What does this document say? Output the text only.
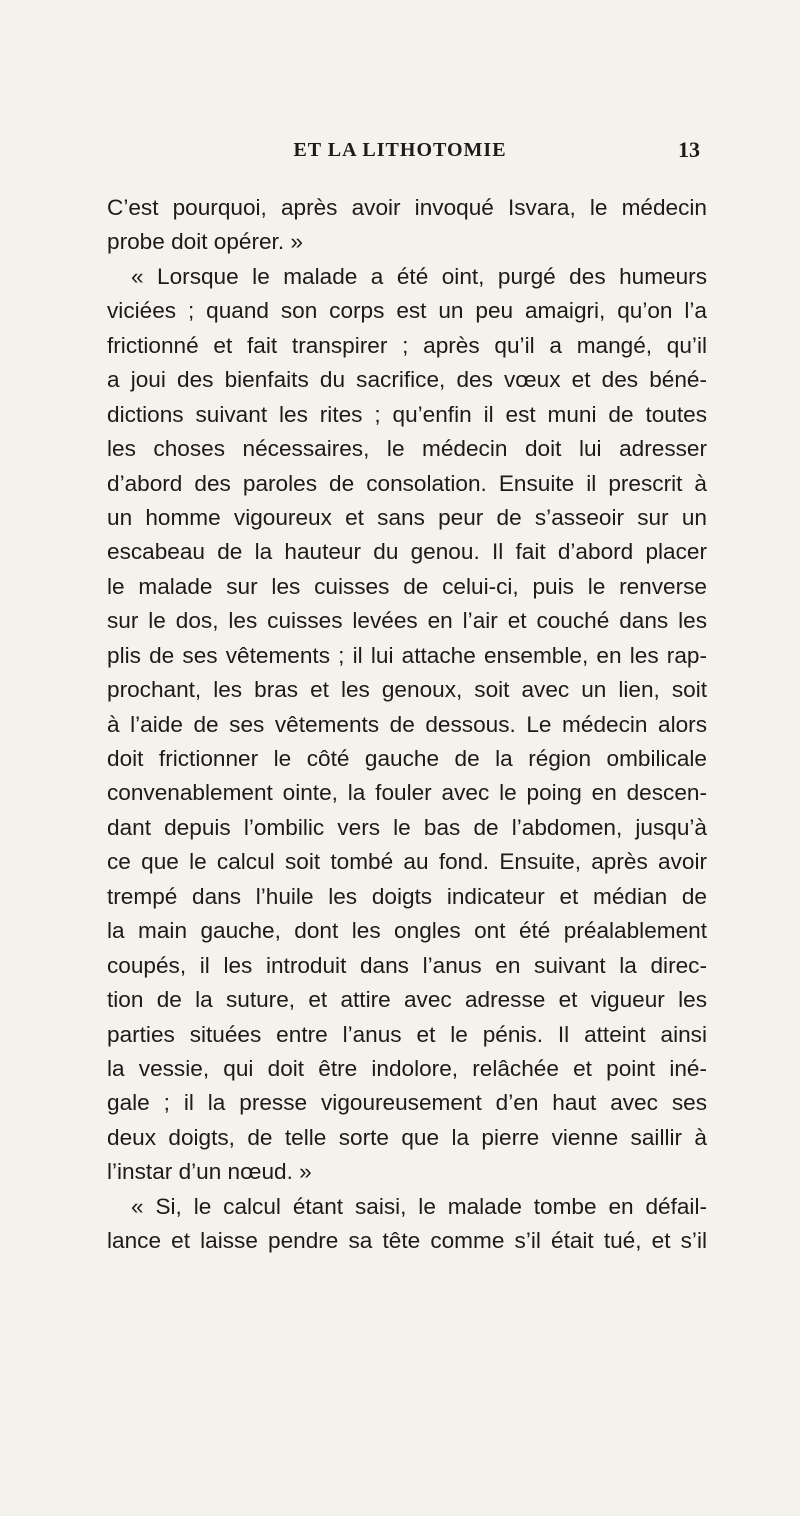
ET LA LITHOTOMIE	13
C’est pourquoi, après avoir invoqué Isvara, le médecin
probe doit opérer. »
« Lorsque le malade a été oint, purgé des humeurs
viciées ; quand son corps est un peu amaigri, qu’on l’a
frictionné et fait transpirer ; après qu’il a mangé, qu’il
a joui des bienfaits du sacrifice, des vœux et des béné-
dictions suivant les rites ; qu’enfin il est muni de toutes
les choses nécessaires, le médecin doit lui adresser
d’abord des paroles de consolation. Ensuite il prescrit à
un homme vigoureux et sans peur de s’asseoir sur un
escabeau de la hauteur du genou. Il fait d’abord placer
le malade sur les cuisses de celui-ci, puis le renverse
sur le dos, les cuisses levées en l’air et couché dans les
plis de ses vêtements ; il lui attache ensemble, en les rap-
prochant, les bras et les genoux, soit avec un lien, soit
à l’aide de ses vêtements de dessous. Le médecin alors
doit frictionner le côté gauche de la région ombilicale
convenablement ointe, la fouler avec le poing en descen-
dant depuis l’ombilic vers le bas de l’abdomen, jusqu’à
ce que le calcul soit tombé au fond. Ensuite, après avoir
trempé dans l’huile les doigts indicateur et médian de
la main gauche, dont les ongles ont été préalablement
coupés, il les introduit dans l’anus en suivant la direc-
tion de la suture, et attire avec adresse et vigueur les
parties situées entre l’anus et le pénis. Il atteint ainsi
la vessie, qui doit être indolore, relâchée et point iné-
gale ; il la presse vigoureusement d’en haut avec ses
deux doigts, de telle sorte que la pierre vienne saillir à
l’instar d’un nœud. »
« Si, le calcul étant saisi, le malade tombe en défail-
lance et laisse pendre sa tête comme s’il était tué, et s’il
